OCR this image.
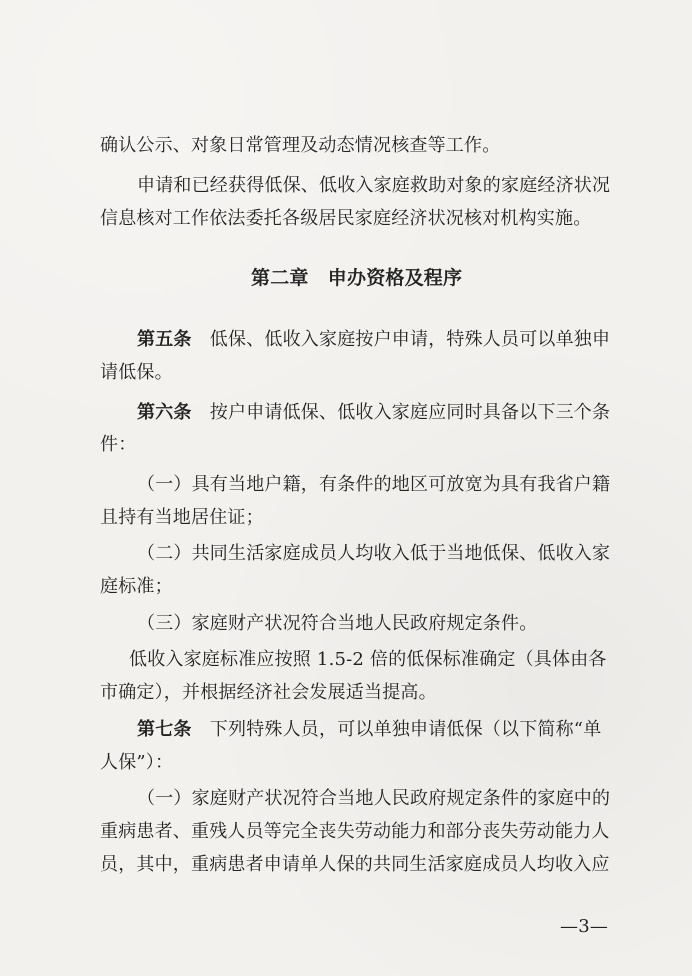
确认公示、对象日常管理及动态情况核查等工作。
申请和已经获得低保、低收入家庭救助对象的家庭经济状况
信息核对工作依法委托各级居民家庭经济状况核对机构实施。
第二章　申办资格及程序
第五条　低保、低收入家庭按户申请，特殊人员可以单独申
请低保。
第六条　按户申请低保、低收入家庭应同时具备以下三个条
件：
（一）具有当地户籍，有条件的地区可放宽为具有我省户籍
且持有当地居住证；
（二）共同生活家庭成员人均收入低于当地低保、低收入家
庭标准；
（三）家庭财产状况符合当地人民政府规定条件。
低收入家庭标准应按照 1.5-2 倍的低保标准确定（具体由各
市确定），并根据经济社会发展适当提高。
第七条　下列特殊人员，可以单独申请低保（以下简称“单
人保”）：
（一）家庭财产状况符合当地人民政府规定条件的家庭中的
重病患者、重残人员等完全丧失劳动能力和部分丧失劳动能力人
员，其中，重病患者申请单人保的共同生活家庭成员人均收入应
—3—
